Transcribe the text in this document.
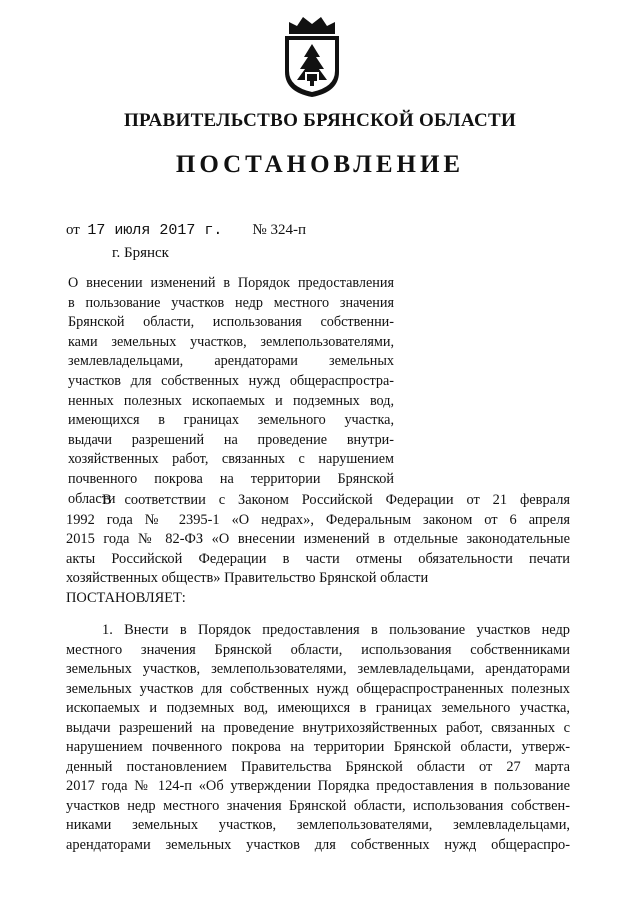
ПРАВИТЕЛЬСТВО БРЯНСКОЙ ОБЛАСТИ
ПОСТАНОВЛЕНИЕ
от 17 июля 2017 г. № 324-п
г. Брянск
О внесении изменений в Порядок предоставления
в пользование участков недр местного значения
Брянской области, использования собственни-
ками земельных участков, землепользователями,
землевладельцами, арендаторами земельных
участков для собственных нужд общераспростра-
ненных полезных ископаемых и подземных вод,
имеющихся в границах земельного участка,
выдачи разрешений на проведение внутри-
хозяйственных работ, связанных с нарушением
почвенного покрова на территории Брянской
области
В соответствии с Законом Российской Федерации от 21 февраля
1992 года № 2395-1 «О недрах», Федеральным законом от 6 апреля
2015 года № 82-ФЗ «О внесении изменений в отдельные законодательные
акты Российской Федерации в части отмены обязательности печати
хозяйственных обществ» Правительство Брянской области
ПОСТАНОВЛЯЕТ:
1. Внести в Порядок предоставления в пользование участков недр
местного значения Брянской области, использования собственниками
земельных участков, землепользователями, землевладельцами, арендаторами
земельных участков для собственных нужд общераспространенных полезных
ископаемых и подземных вод, имеющихся в границах земельного участка,
выдачи разрешений на проведение внутрихозяйственных работ, связанных с
нарушением почвенного покрова на территории Брянской области, утверж-
денный постановлением Правительства Брянской области от 27 марта
2017 года № 124-п «Об утверждении Порядка предоставления в пользование
участков недр местного значения Брянской области, использования собствен-
никами земельных участков, землепользователями, землевладельцами,
арендаторами земельных участков для собственных нужд общераспро-
